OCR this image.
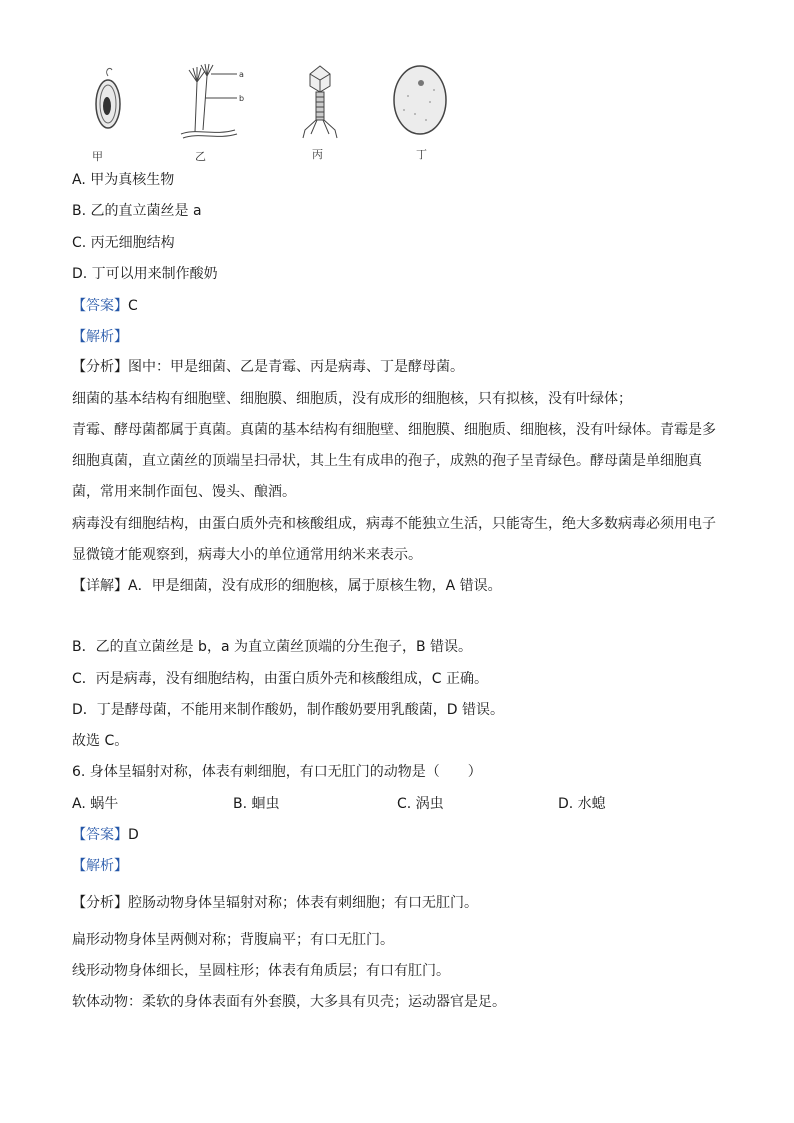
a
b
甲	乙	丙	丁
A. 甲为真核生物
B. 乙的直立菌丝是 a
C. 丙无细胞结构
D. 丁可以用来制作酸奶
【答案】C
【解析】
【分析】图中：甲是细菌、乙是青霉、丙是病毒、丁是酵母菌。
细菌的基本结构有细胞壁、细胞膜、细胞质，没有成形的细胞核，只有拟核，没有叶绿体；
青霉、酵母菌都属于真菌。真菌的基本结构有细胞壁、细胞膜、细胞质、细胞核，没有叶绿体。青霉是多
细胞真菌，直立菌丝的顶端呈扫帚状，其上生有成串的孢子，成熟的孢子呈青绿色。酵母菌是单细胞真
菌，常用来制作面包、馒头、酿酒。
病毒没有细胞结构，由蛋白质外壳和核酸组成，病毒不能独立生活，只能寄生，绝大多数病毒必须用电子
显微镜才能观察到，病毒大小的单位通常用纳米来表示。
【详解】A．甲是细菌，没有成形的细胞核，属于原核生物，A 错误。
B．乙的直立菌丝是 b，a 为直立菌丝顶端的分生孢子，B 错误。
C．丙是病毒，没有细胞结构，由蛋白质外壳和核酸组成，C 正确。
D．丁是酵母菌，不能用来制作酸奶，制作酸奶要用乳酸菌，D 错误。
故选 C。
6. 身体呈辐射对称，体表有刺细胞，有口无肛门的动物是（　　）
A. 蜗牛	B. 蛔虫	C. 涡虫	D. 水螅
【答案】D
【解析】
【分析】腔肠动物身体呈辐射对称；体表有刺细胞；有口无肛门。
扁形动物身体呈两侧对称；背腹扁平；有口无肛门。
线形动物身体细长，呈圆柱形；体表有角质层；有口有肛门。
软体动物：柔软的身体表面有外套膜，大多具有贝壳；运动器官是足。
